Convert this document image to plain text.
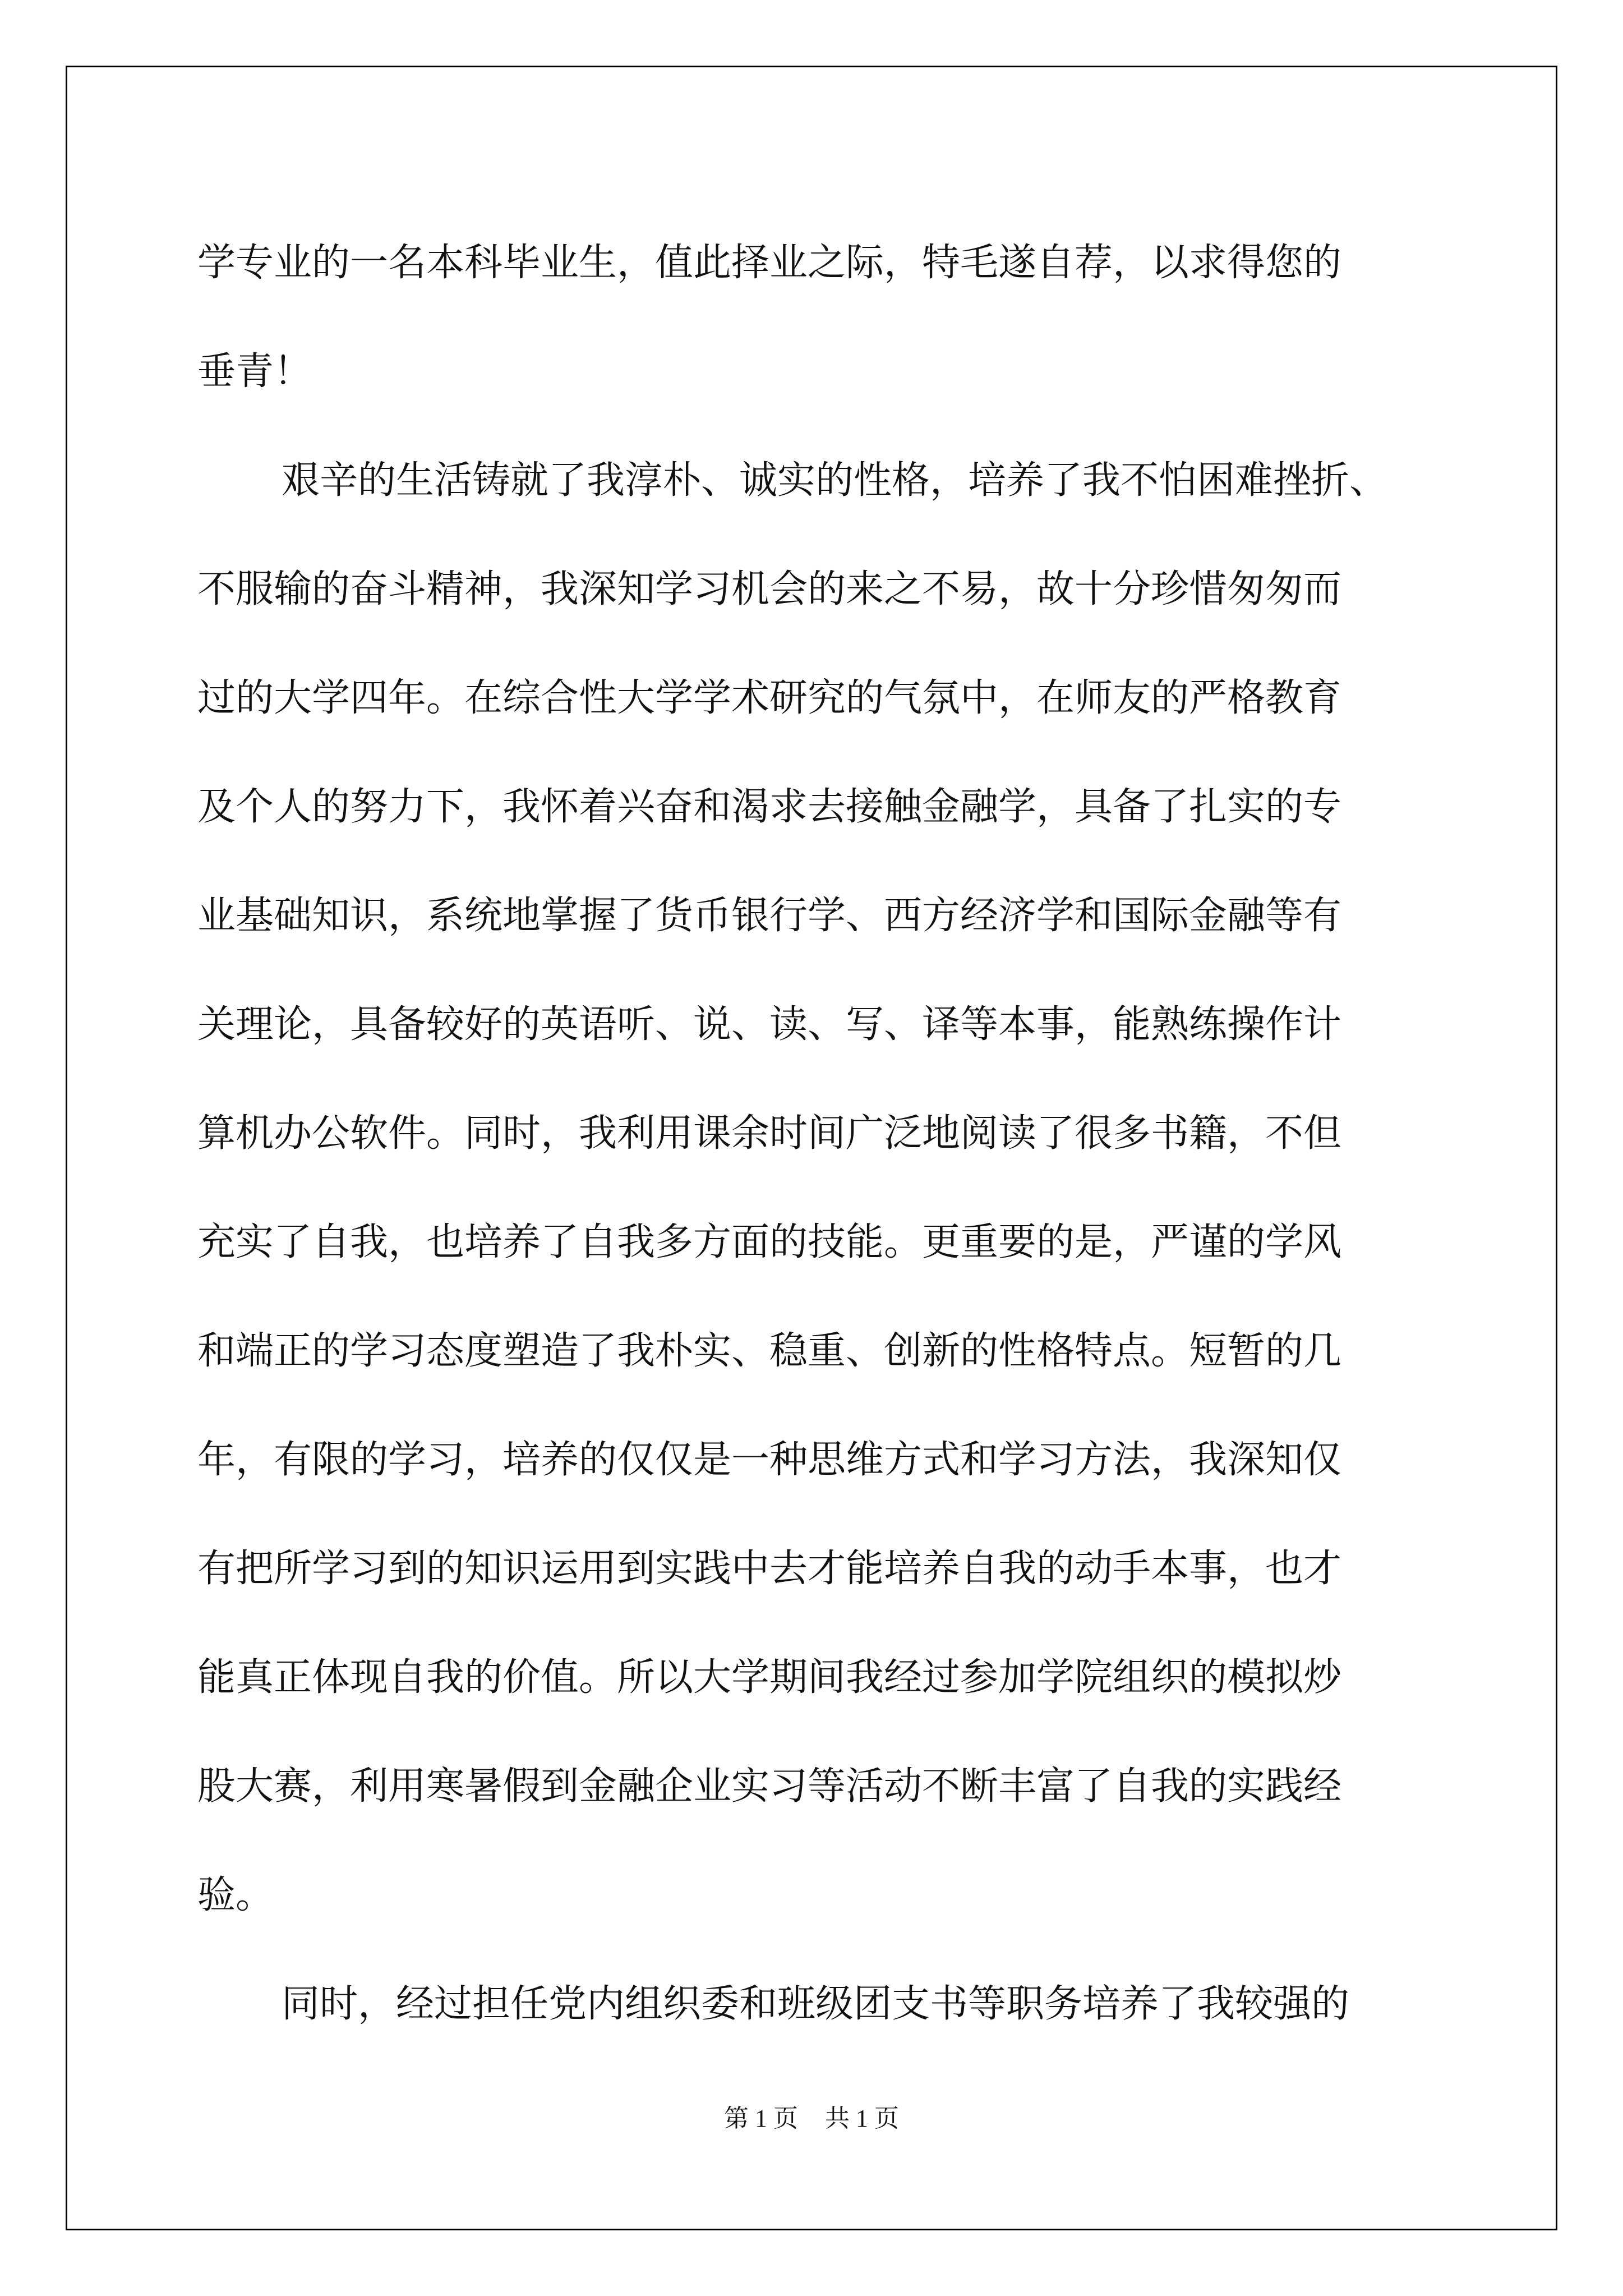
学专业的一名本科毕业生，值此择业之际，特毛遂自荐，以求得您的
垂青！
艰辛的生活铸就了我淳朴、诚实的性格，培养了我不怕困难挫折、
不服输的奋斗精神，我深知学习机会的来之不易，故十分珍惜匆匆而
过的大学四年。在综合性大学学术研究的气氛中，在师友的严格教育
及个人的努力下，我怀着兴奋和渴求去接触金融学，具备了扎实的专
业基础知识，系统地掌握了货币银行学、西方经济学和国际金融等有
关理论，具备较好的英语听、说、读、写、译等本事，能熟练操作计
算机办公软件。同时，我利用课余时间广泛地阅读了很多书籍，不但
充实了自我，也培养了自我多方面的技能。更重要的是，严谨的学风
和端正的学习态度塑造了我朴实、稳重、创新的性格特点。短暂的几
年，有限的学习，培养的仅仅是一种思维方式和学习方法，我深知仅
有把所学习到的知识运用到实践中去才能培养自我的动手本事，也才
能真正体现自我的价值。所以大学期间我经过参加学院组织的模拟炒
股大赛，利用寒暑假到金融企业实习等活动不断丰富了自我的实践经
验。
同时，经过担任党内组织委和班级团支书等职务培养了我较强的
第 1 页 共 1 页
